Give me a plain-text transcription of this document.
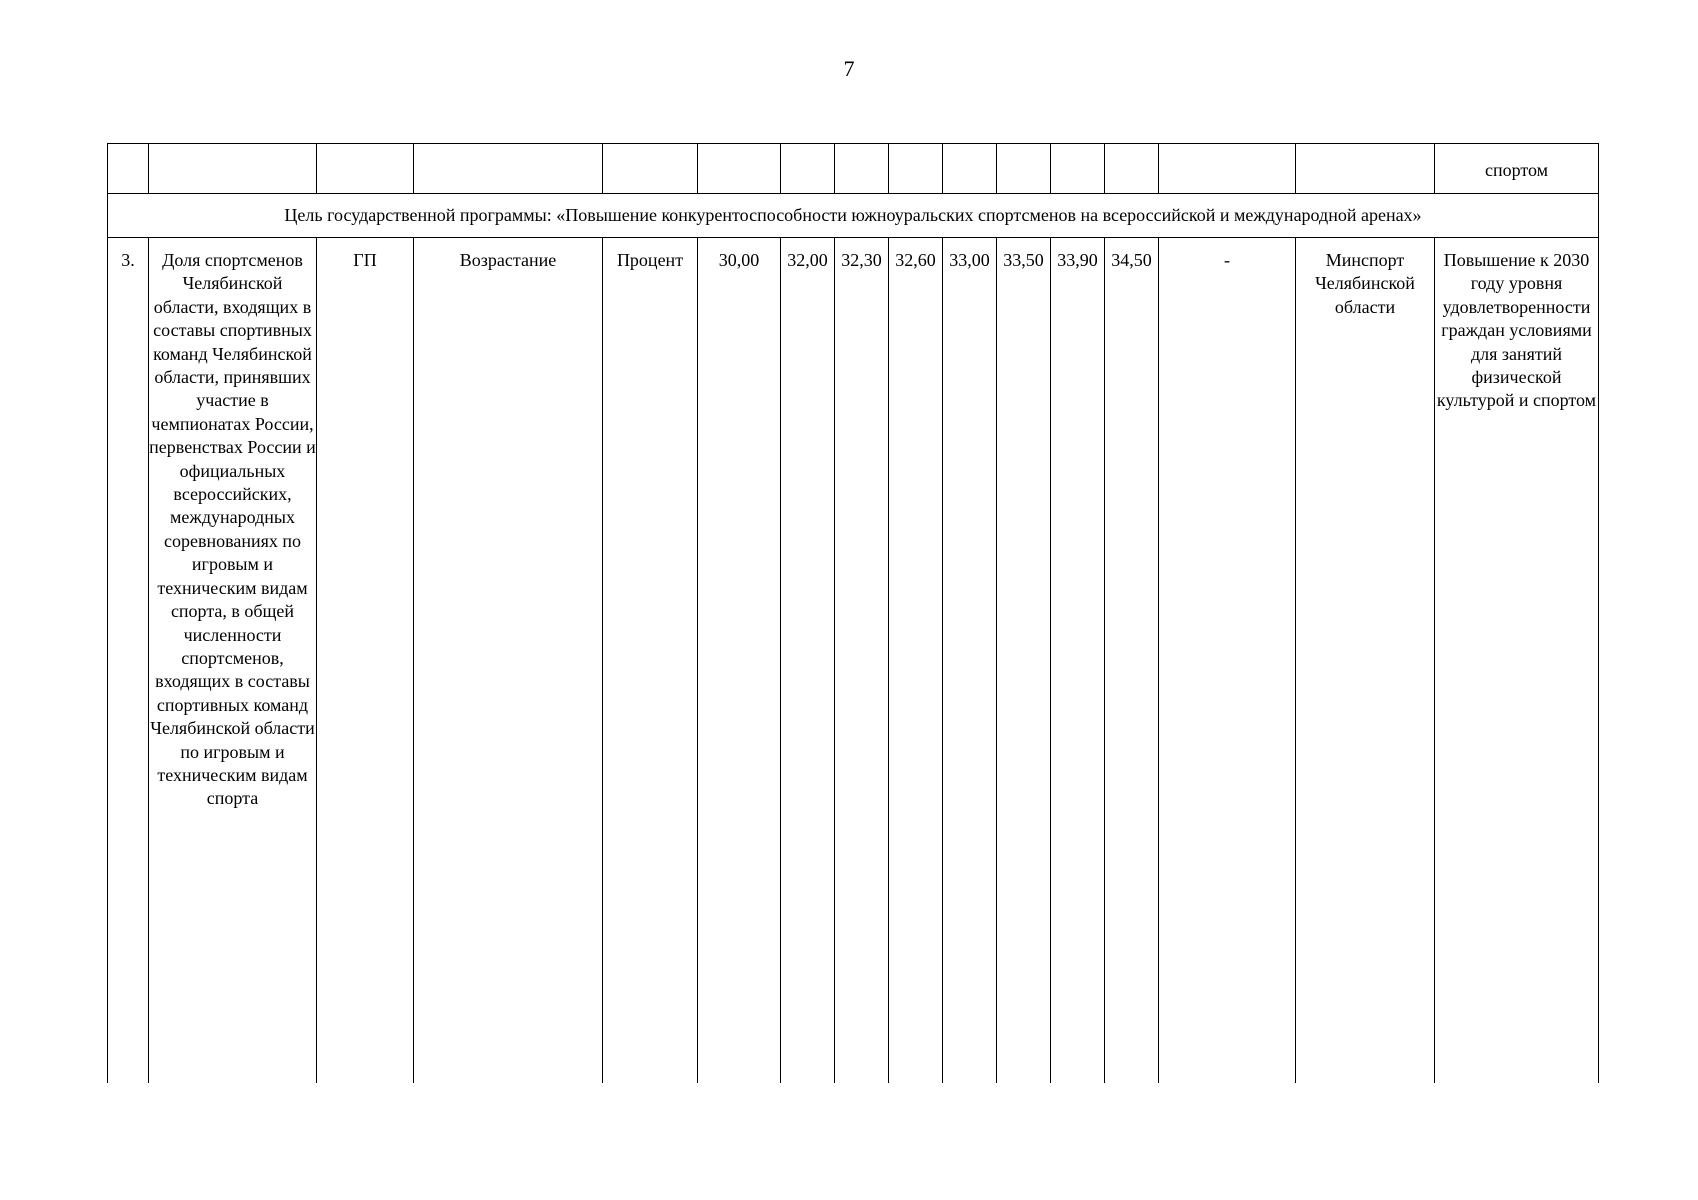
7
															спортом
Цель государственной программы: «Повышение конкурентоспособности южноуральских спортсменов на всероссийской и международной аренах»															
3.	Доля спортсменов Челябинской области, входящих в составы спортивных команд Челябинской области, принявших участие в чемпионатах России, первенствах России и официальных всероссийских, международных соревнованиях по игровым и техническим видам спорта, в общей численности спортсменов, входящих в составы спортивных команд Челябинской области по игровым и техническим видам спорта	ГП	Возрастание	Процент	30,00	32,00	32,30	32,60	33,00	33,50	33,90	34,50	-	Минспорт Челябинской области	Повышение к 2030 году уровня удовлетворенности граждан условиями для занятий физической культурой и спортом
